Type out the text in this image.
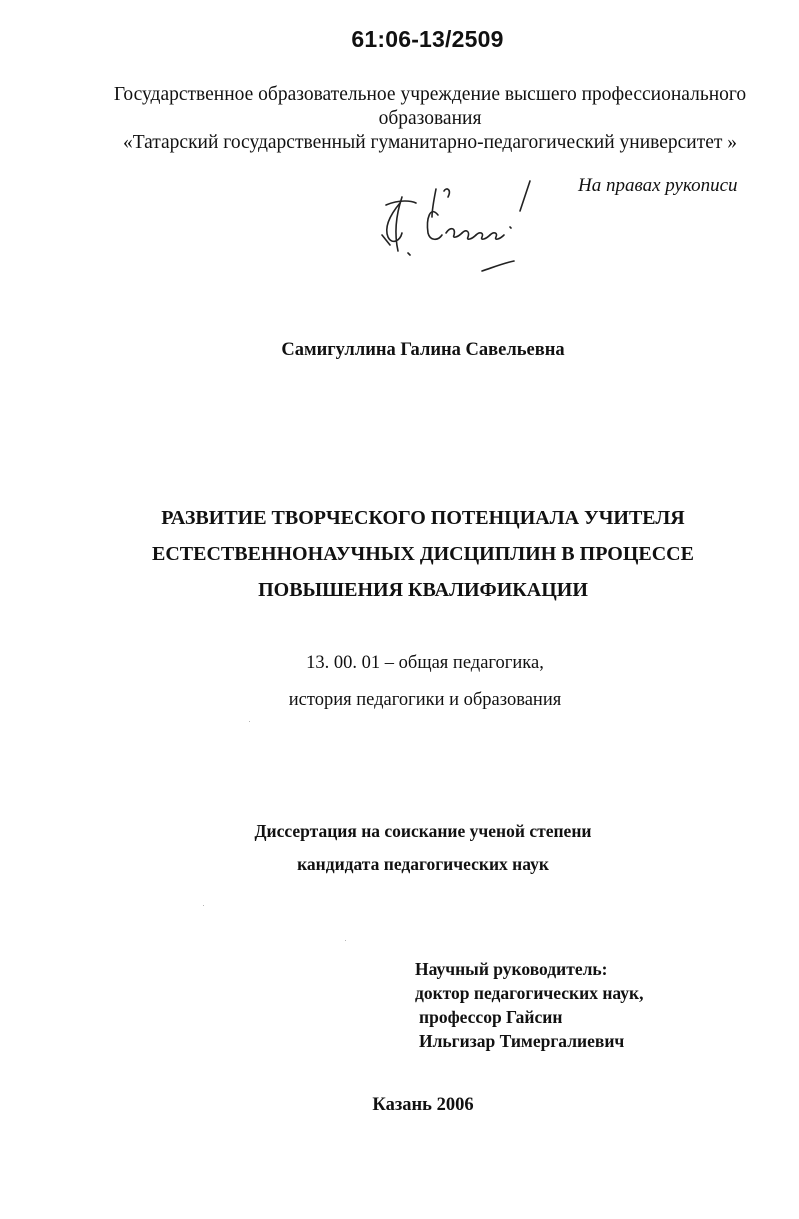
61:06-13/2509
Государственное образовательное учреждение высшего профессионального
образования
«Татарский государственный гуманитарно-педагогический университет »
На правах рукописи
Самигуллина Галина Савельевна
РАЗВИТИЕ ТВОРЧЕСКОГО ПОТЕНЦИАЛА УЧИТЕЛЯ
ЕСТЕСТВЕННОНАУЧНЫХ ДИСЦИПЛИН В ПРОЦЕССЕ
ПОВЫШЕНИЯ КВАЛИФИКАЦИИ
13. 00. 01 – общая педагогика,
история педагогики и образования
Диссертация на соискание ученой степени
кандидата педагогических наук
Научный руководитель:
доктор педагогических наук,
профессор Гайсин
Ильгизар Тимергалиевич
Казань 2006
